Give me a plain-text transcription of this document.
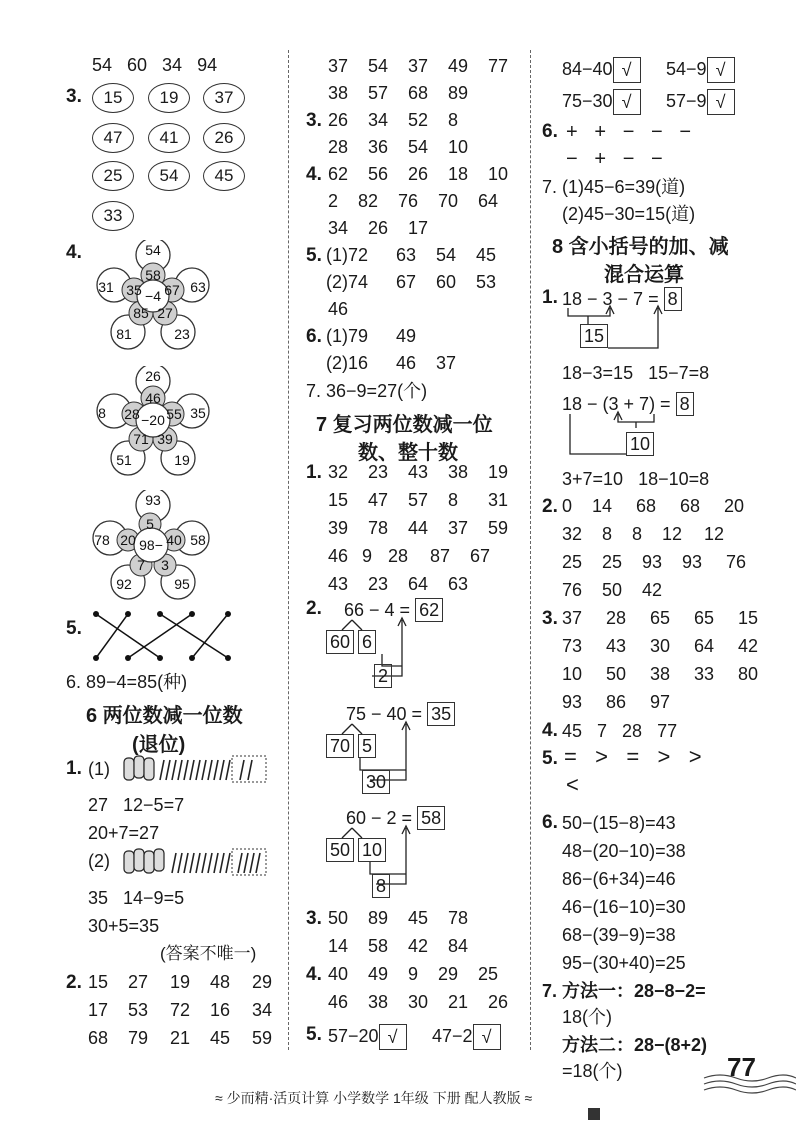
54   60   34   94
3.	15	19	37
47	41	26
25	54	45
33
4.
−4
58
67
27
85
35
54
63
23
81
31
−20
46
55
39
71
28
26
35
19
51
8
98−
5
40
3
7
20
93
58
95
92
78
5.
6. 89−4=85(种)
6 两位数减一位数
(退位)
1. (1)
27   12−5=7
20+7=27
(2)
35   14−9=5
30+5=35
(答案不唯一)
2. 15 27 19 48 29
17 53 72 16 34
68 79 21 45 59
37 54 37 49 77
38 57 68 89
3. 26 34 52 8
28 36 54 10
4. 62 56 26 18 10
2 82 76 70 64
34 26 17
5. (1)72 63 54 45
(2)74 67 60 53
46
6. (1)79 49
(2)16 46 37
7. 36−9=27(个)
7 复习两位数减一位
数、整十数
1. 32 23 43 38 19
15 47 57 8 31
39 78 44 37 59
46 9 28 87 67
43 23 64 63
2. 66 − 4 = 62
60 6
2
75 − 40 = 35
70 5
30
60 − 2 = 58
50 10
8
3. 50 89 45 78
14 58 42 84
4. 40 49 9 29 25
46 38 30 21 26
5. 57−20 √	47−2 √
84−40 √	54−9 √
75−30 √	57−9 √
6. +   +   −   −   −
−   +   −   −
7. (1)45−6=39(道)
(2)45−30=15(道)
8 含小括号的加、减
混合运算
1. 18 − 3 − 7 = 8
15
18−3=15   15−7=8
18 − (3 + 7) = 8
10
3+7=10   18−10=8
2. 0 14 68 68 20
32 8 8 12 12
25 25 93 93 76
76 50 42
3. 37 28 65 65 15
73 43 30 64 42
10 50 38 33 80
93 86 97
4. 45   7   28   77
5. =   >   =   >   >
<
6. 50−(15−8)=43
48−(20−10)=38
86−(6+34)=46
46−(16−10)=30
68−(39−9)=38
95−(30+40)=25
7. 方法一：28−8−2=
18(个)
方法二：28−(8+2)
=18(个)
≈ 少而精·活页计算 小学数学 1年级 下册 配人教版 ≈
77
